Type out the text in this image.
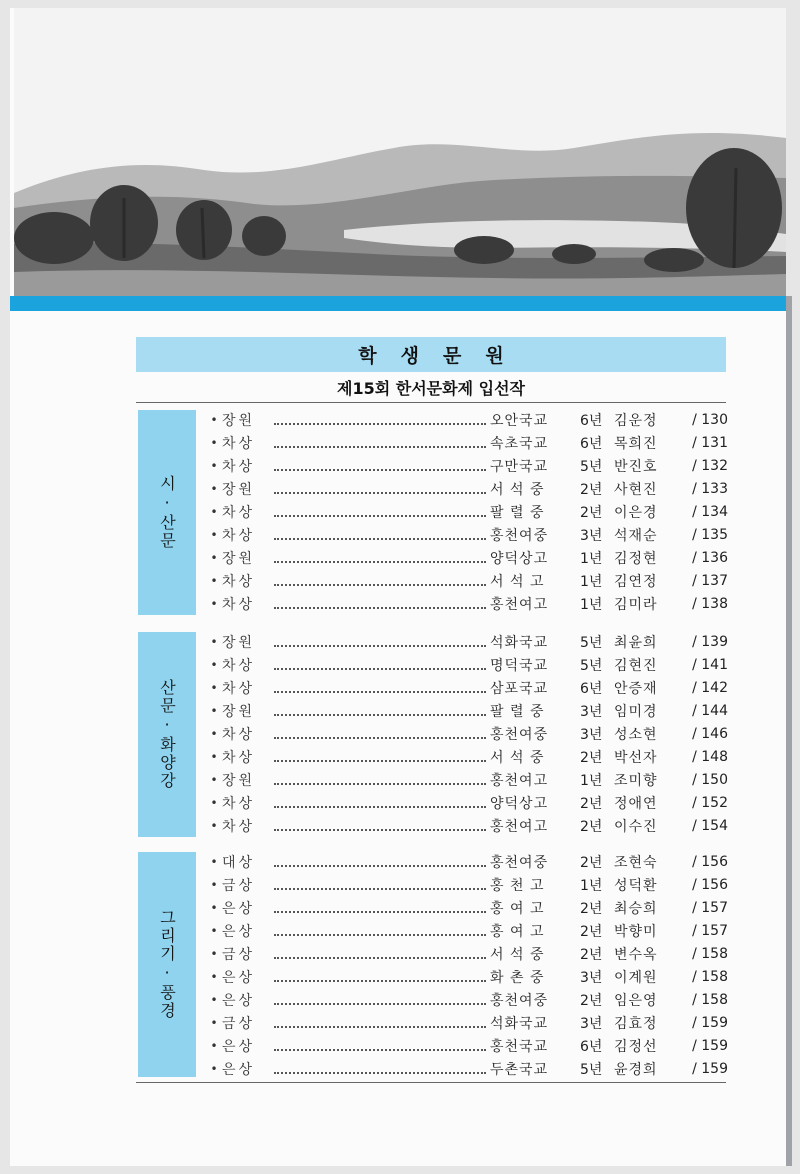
학생문원
제15회 한서문화제 입선작
시·산문
• 장원	오안국교	6년 김운정	/ 130
• 차상	속초국교	6년 목희진	/ 131
• 차상	구만국교	5년 반진호	/ 132
• 장원	서 석 중	2년 사현진	/ 133
• 차상	팔 렬 중	2년 이은경	/ 134
• 차상	홍천여중	3년 석재순	/ 135
• 장원	양덕상고	1년 김정현	/ 136
• 차상	서 석 고	1년 김연정	/ 137
• 차상	홍천여고	1년 김미라	/ 138
산문·화양강
• 장원	석화국교	5년 최윤희	/ 139
• 차상	명덕국교	5년 김현진	/ 141
• 차상	삼포국교	6년 안증재	/ 142
• 장원	팔 렬 중	3년 임미경	/ 144
• 차상	홍천여중	3년 성소현	/ 146
• 차상	서 석 중	2년 박선자	/ 148
• 장원	홍천여고	1년 조미향	/ 150
• 차상	양덕상고	2년 정애연	/ 152
• 차상	홍천여고	2년 이수진	/ 154
그리기·풍경
• 대상	홍천여중	2년 조현숙	/ 156
• 금상	홍 천 고	1년 성덕환	/ 156
• 은상	홍 여 고	2년 최승희	/ 157
• 은상	홍 여 고	2년 박향미	/ 157
• 금상	서 석 중	2년 변수옥	/ 158
• 은상	화 촌 중	3년 이계원	/ 158
• 은상	홍천여중	2년 임은영	/ 158
• 금상	석화국교	3년 김효정	/ 159
• 은상	홍천국교	6년 김정선	/ 159
• 은상	두촌국교	5년 윤경희	/ 159
